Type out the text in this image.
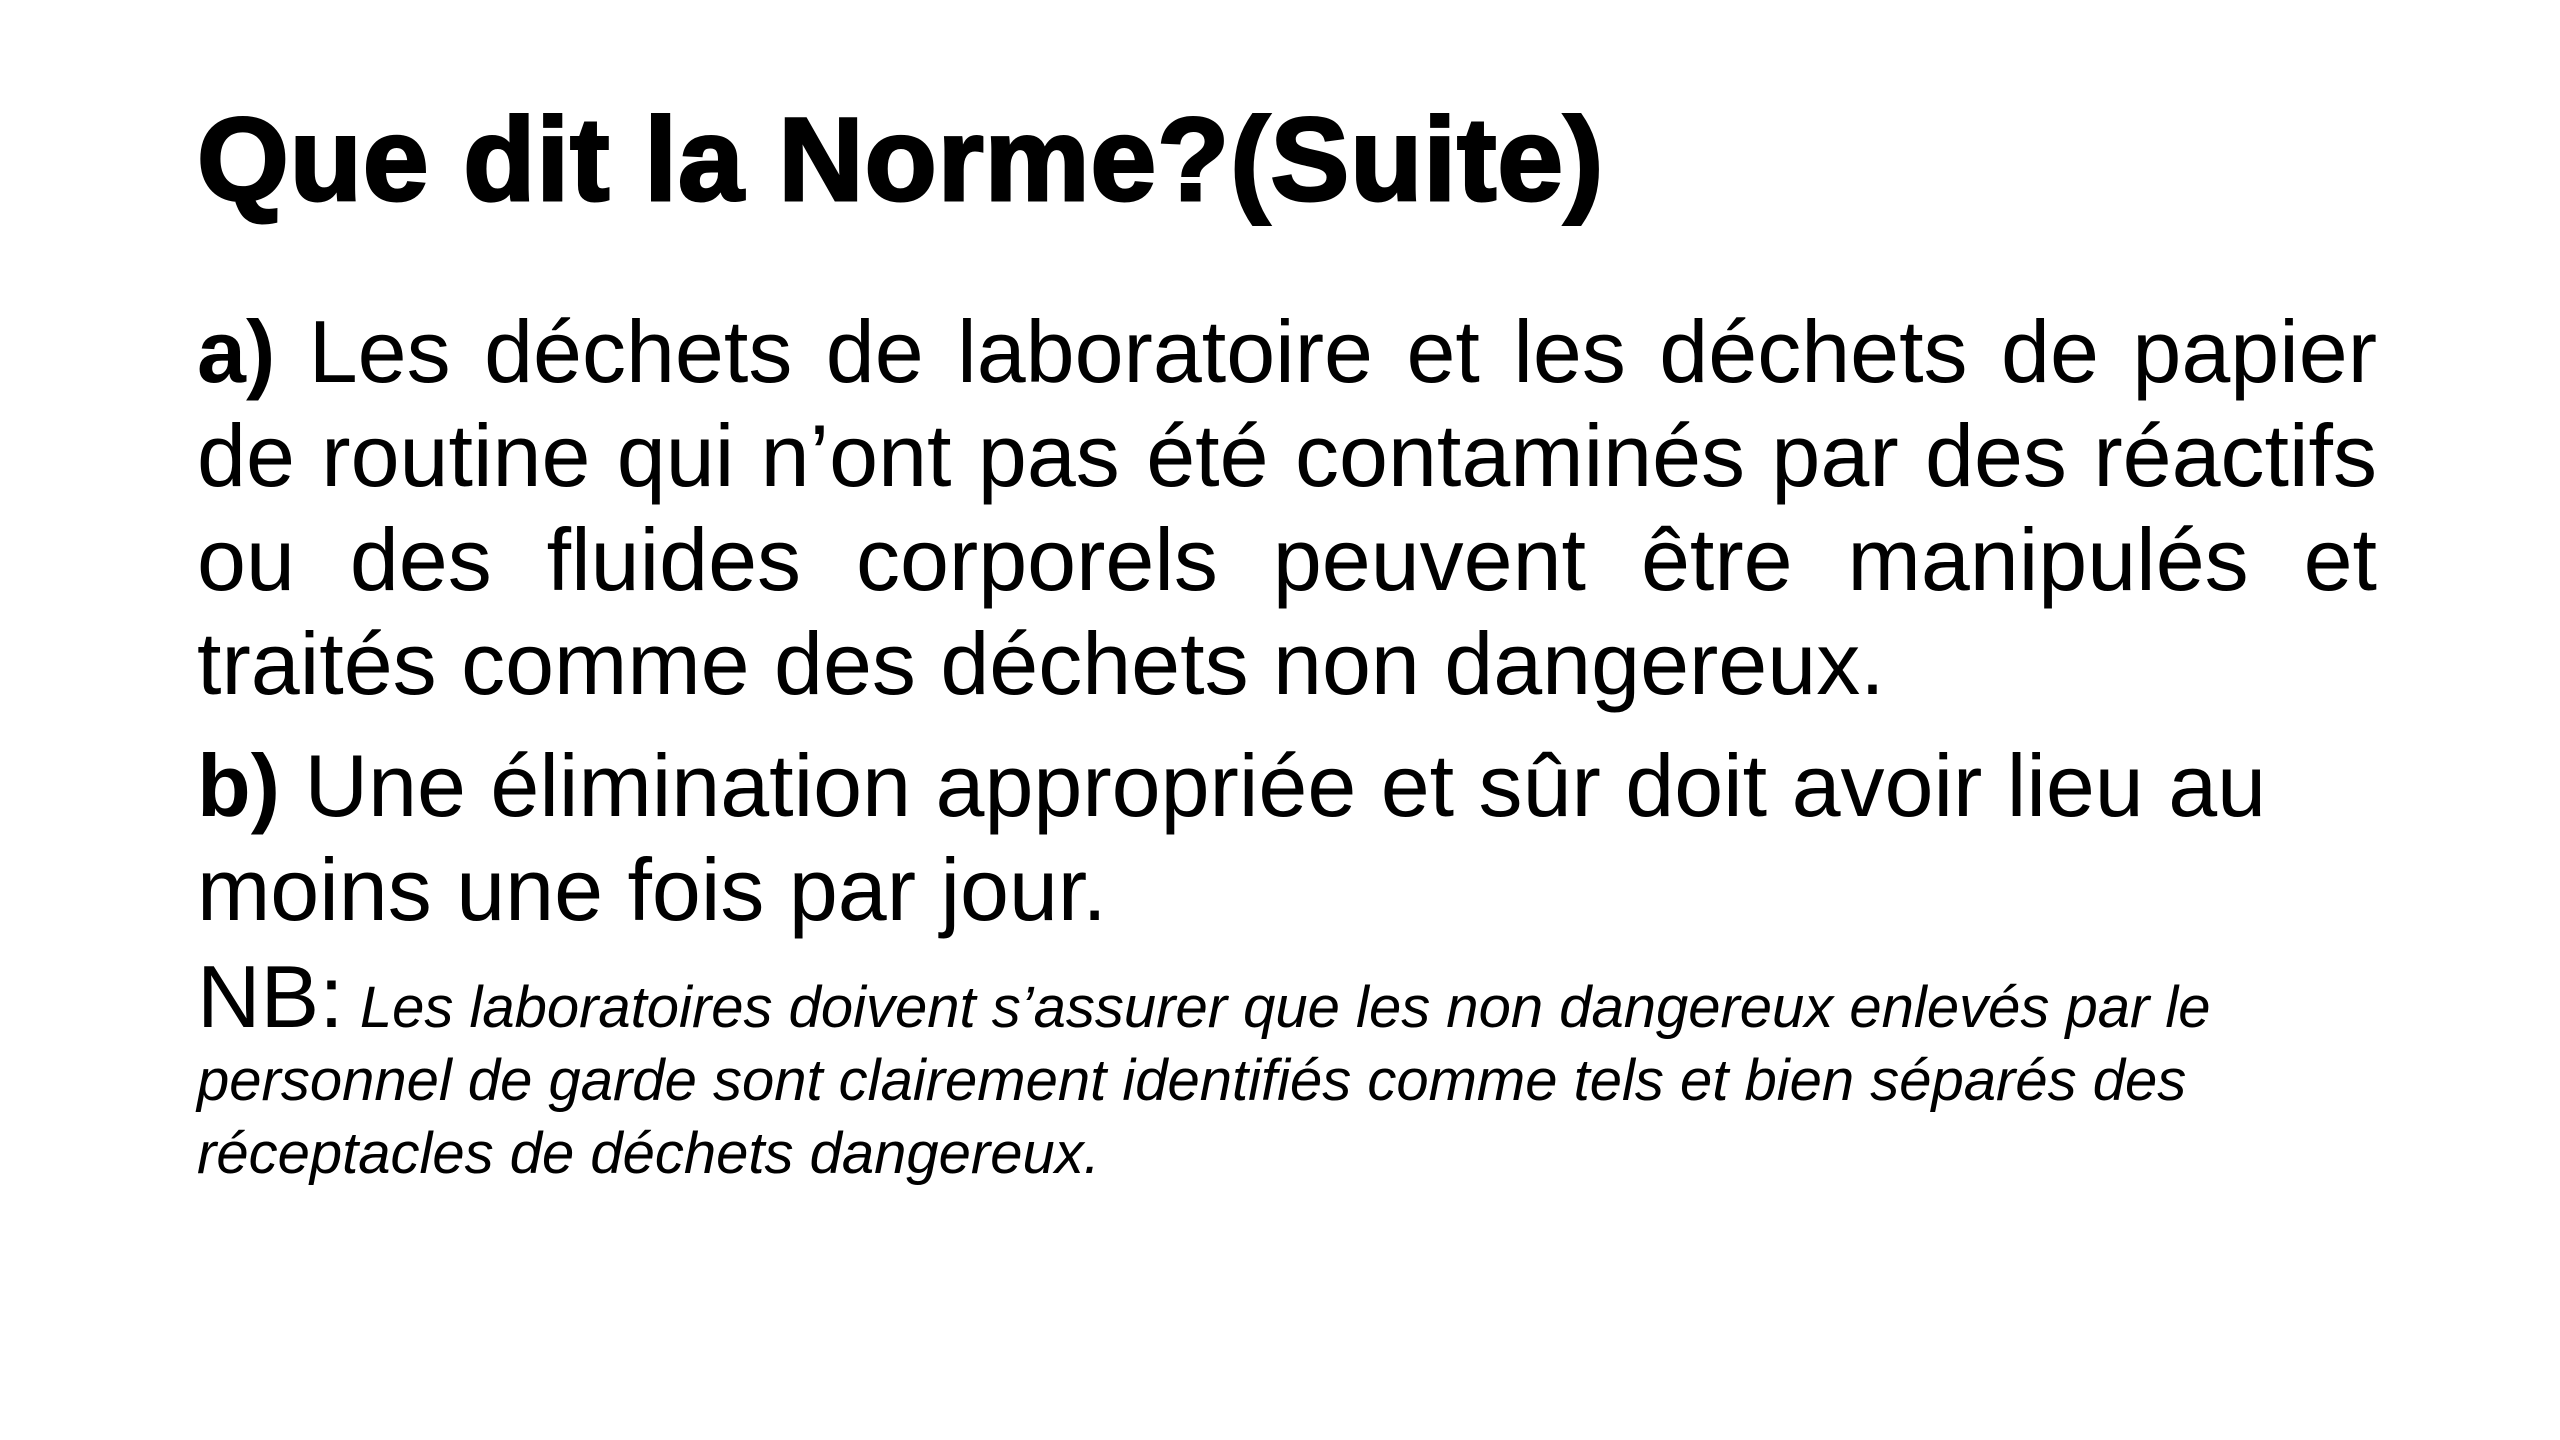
Que dit la Norme?(Suite)

a) Les déchets de laboratoire et les déchets de papier de routine qui n’ont pas été contaminés par des réactifs ou des fluides corporels peuvent être manipulés et traités comme des déchets non dangereux.

b) Une élimination appropriée et sûr doit avoir lieu au moins une fois par jour.

NB: Les laboratoires doivent s’assurer que les non dangereux enlevés par le personnel de garde sont clairement identifiés comme tels et bien séparés des réceptacles de déchets dangereux.
